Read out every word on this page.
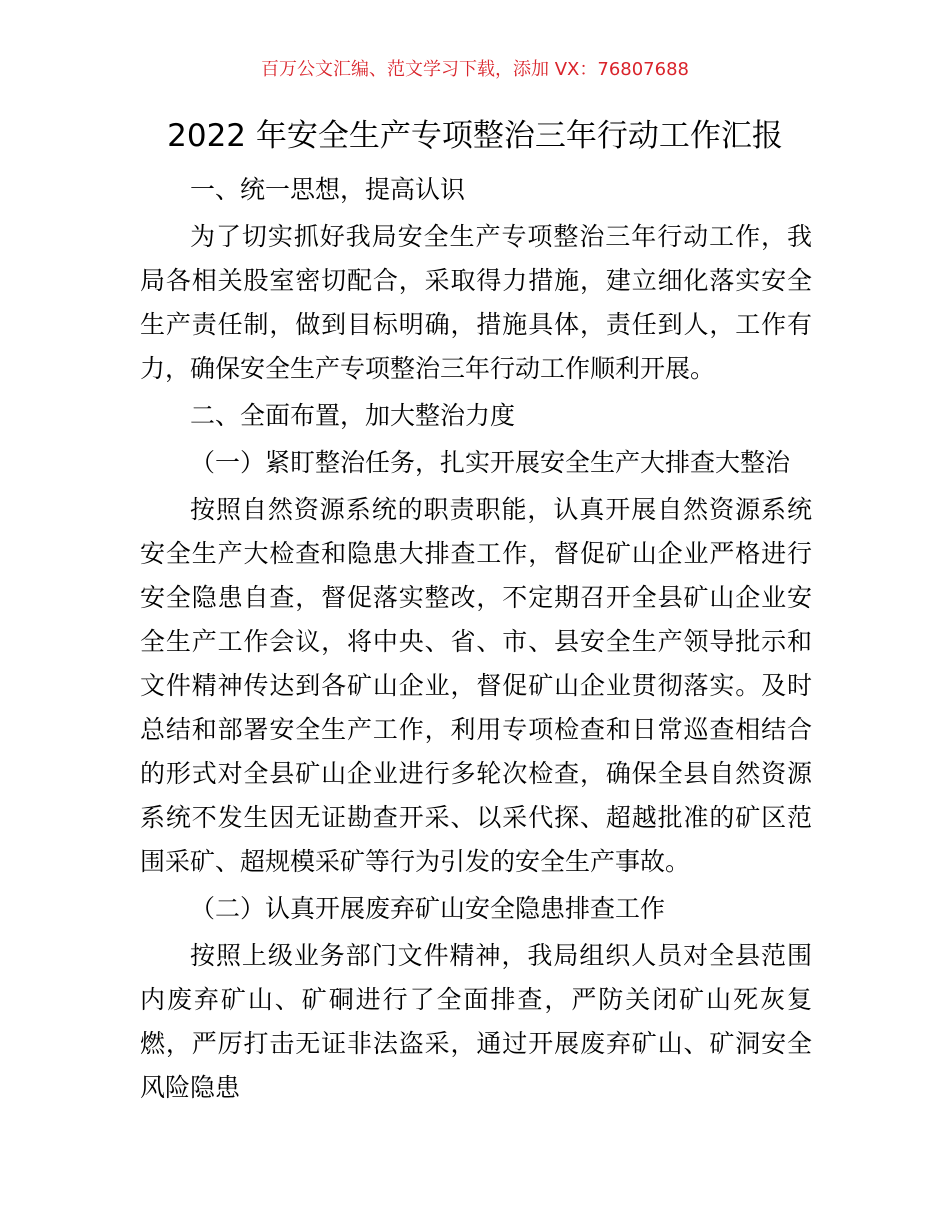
百万公文汇编、范文学习下载，添加 VX：76807688
2022 年安全生产专项整治三年行动工作汇报

一、统一思想，提高认识

为了切实抓好我局安全生产专项整治三年行动工作，我局各相关股室密切配合，采取得力措施，建立细化落实安全生产责任制，做到目标明确，措施具体，责任到人，工作有力，确保安全生产专项整治三年行动工作顺利开展。

二、全面布置，加大整治力度

（一）紧盯整治任务，扎实开展安全生产大排查大整治

按照自然资源系统的职责职能，认真开展自然资源系统安全生产大检查和隐患大排查工作，督促矿山企业严格进行安全隐患自查，督促落实整改，不定期召开全县矿山企业安全生产工作会议，将中央、省、市、县安全生产领导批示和文件精神传达到各矿山企业，督促矿山企业贯彻落实。及时总结和部署安全生产工作，利用专项检查和日常巡查相结合的形式对全县矿山企业进行多轮次检查，确保全县自然资源系统不发生因无证勘查开采、以采代探、超越批准的矿区范围采矿、超规模采矿等行为引发的安全生产事故。

（二）认真开展废弃矿山安全隐患排查工作

按照上级业务部门文件精神，我局组织人员对全县范围内废弃矿山、矿硐进行了全面排查，严防关闭矿山死灰复燃，严厉打击无证非法盗采，通过开展废弃矿山、矿洞安全风险隐患
